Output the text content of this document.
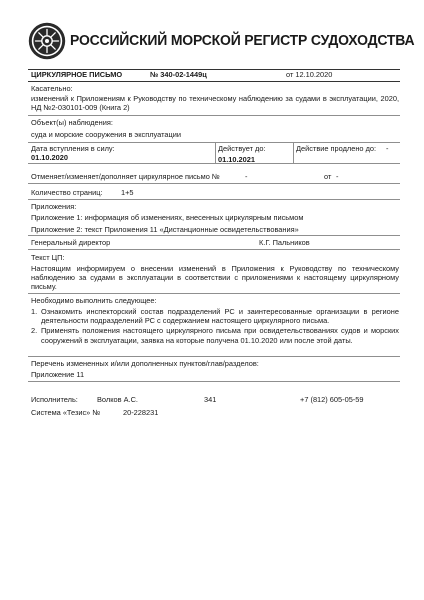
РОССИЙСКИЙ МОРСКОЙ РЕГИСТР СУДОХОДСТВА
ЦИРКУЛЯРНОЕ ПИСЬМО	№ 340-02-1449ц	от 12.10.2020
Касательно:
изменений к Приложениям к Руководству по техническому наблюдению за судами в эксплуатации, 2020, НД №2-030101-009 (Книга 2)
Объект(ы) наблюдения:
суда и морские сооружения в эксплуатации
Дата вступления в силу:
01.10.2020
Действует до:
01.10.2021
Действие продлено до: -
Отменяет/изменяет/дополняет циркулярное письмо №	-	от -
Количество страниц: 1+5
Приложения:
Приложение 1: информация об изменениях, внесенных циркулярным письмом
Приложение 2: текст Приложения 11 «Дистанционные освидетельствования»
Генеральный директор	К.Г. Пальников
Текст ЦП:
Настоящим информируем о внесении изменений в Приложения к Руководству по техническому наблюдению за судами в эксплуатации в соответствии с приложениями к настоящему циркулярному письму.
Необходимо выполнить следующее:
1. Ознакомить инспекторский состав подразделений РС и заинтересованные организации в регионе деятельности подразделений РС с содержанием настоящего циркулярного письма.
2. Применять положения настоящего циркулярного письма при освидетельствованиях судов и морских сооружений в эксплуатации, заявка на которые получена 01.10.2020 или после этой даты.
Перечень измененных и/или дополненных пунктов/глав/разделов:
Приложение 11
Исполнитель:	Волков А.С.	341	+7 (812) 605-05-59
Система «Тезис» №	20-228231
